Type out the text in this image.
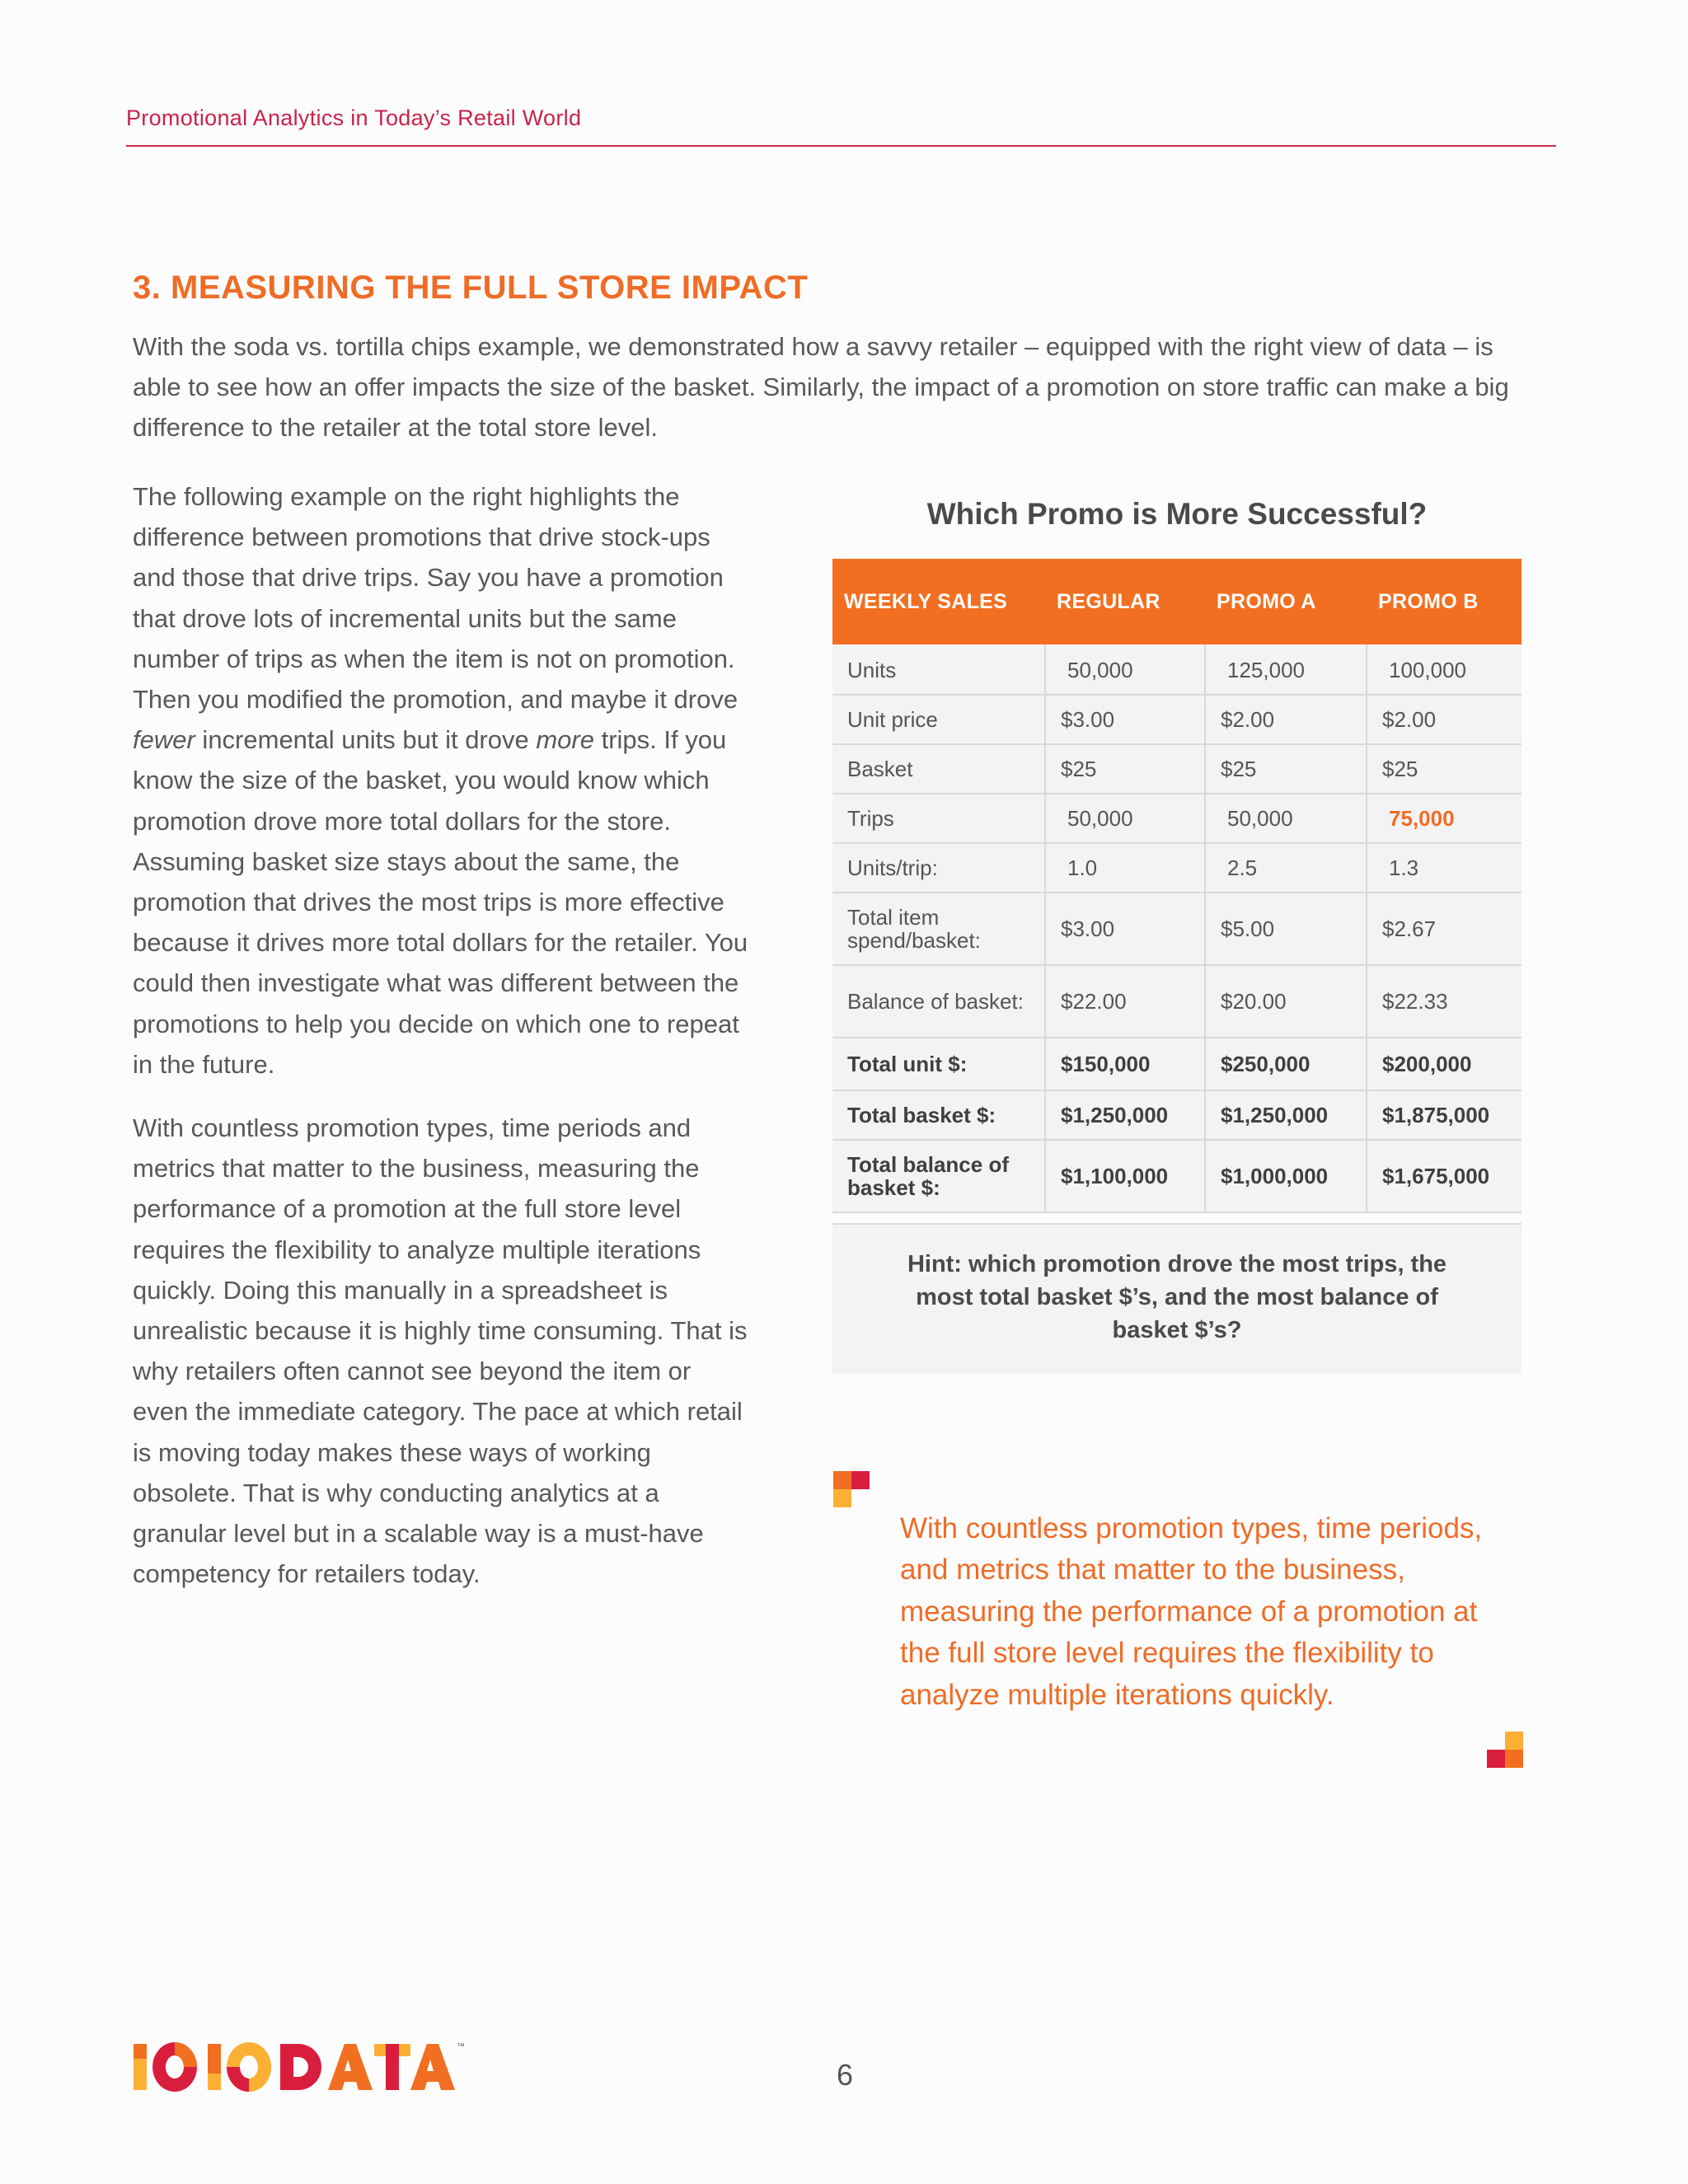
Promotional Analytics in Today’s Retail World
3. MEASURING THE FULL STORE IMPACT

With the soda vs. tortilla chips example, we demonstrated how a savvy retailer – equipped with the right view of data – is able to see how an offer impacts the size of the basket. Similarly, the impact of a promotion on store traffic can make a big difference to the retailer at the total store level.

The following example on the right highlights the difference between promotions that drive stock-ups and those that drive trips. Say you have a promotion that drove lots of incremental units but the same number of trips as when the item is not on promotion. Then you modified the promotion, and maybe it drove fewer incremental units but it drove more trips. If you know the size of the basket, you would know which promotion drove more total dollars for the store. Assuming basket size stays about the same, the promotion that drives the most trips is more effective because it drives more total dollars for the retailer. You could then investigate what was different between the promotions to help you decide on which one to repeat in the future.

With countless promotion types, time periods and metrics that matter to the business, measuring the performance of a promotion at the full store level requires the flexibility to analyze multiple iterations quickly. Doing this manually in a spreadsheet is unrealistic because it is highly time consuming. That is why retailers often cannot see beyond the item or even the immediate category. The pace at which retail is moving today makes these ways of working obsolete. That is why conducting analytics at a granular level but in a scalable way is a must-have competency for retailers today.

Which Promo is More Successful?
WEEKLY SALES	REGULAR	PROMO A	PROMO B
Units	50,000	125,000	100,000
Unit price	$3.00	$2.00	$2.00
Basket	$25	$25	$25
Trips	50,000	50,000	75,000
Units/trip:	1.0	2.5	1.3
Total item spend/basket:	$3.00	$5.00	$2.67
Balance of basket:	$22.00	$20.00	$22.33
Total unit $:	$150,000	$250,000	$200,000
Total basket $:	$1,250,000	$1,250,000	$1,875,000
Total balance of basket $:	$1,100,000	$1,000,000	$1,675,000
Hint: which promotion drove the most trips, the most total basket $’s, and the most balance of basket $’s?

With countless promotion types, time periods, and metrics that matter to the business, measuring the performance of a promotion at the full store level requires the flexibility to analyze multiple iterations quickly.

™
6
